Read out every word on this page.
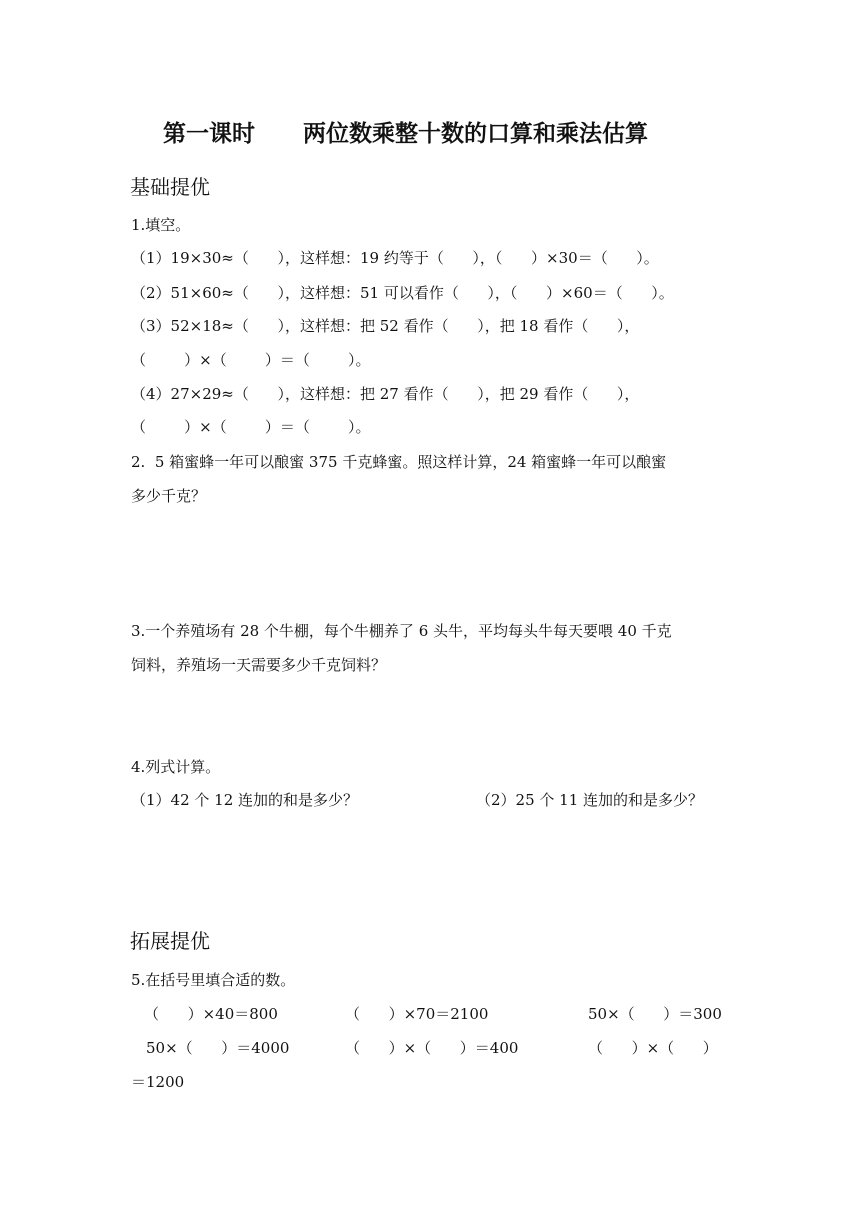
第一课时      两位数乘整十数的口算和乘法估算
基础提优
1.填空。
（1）19×30≈（      ），这样想：19 约等于（      ），（      ）×30＝（      ）。
（2）51×60≈（      ），这样想：51 可以看作（      ），（      ）×60＝（      ）。
（3）52×18≈（      ），这样想：把 52 看作（      ），把 18 看作（      ），
（        ）×（        ）＝（        ）。
（4）27×29≈（      ），这样想：把 27 看作（      ），把 29 看作（      ），
（        ）×（        ）＝（        ）。
2.  5 箱蜜蜂一年可以酿蜜 375 千克蜂蜜。照这样计算，24 箱蜜蜂一年可以酿蜜
多少千克？
3.一个养殖场有 28 个牛棚，每个牛棚养了 6 头牛，平均每头牛每天要喂 40 千克
饲料，养殖场一天需要多少千克饲料？
4.列式计算。
（1）42 个 12 连加的和是多少？	（2）25 个 11 连加的和是多少？
拓展提优
5.在括号里填合适的数。
（      ）×40＝800	（      ）×70＝2100	50×（      ）＝300
50×（      ）＝4000	（      ）×（      ）＝400	（      ）×（      ）
＝1200
